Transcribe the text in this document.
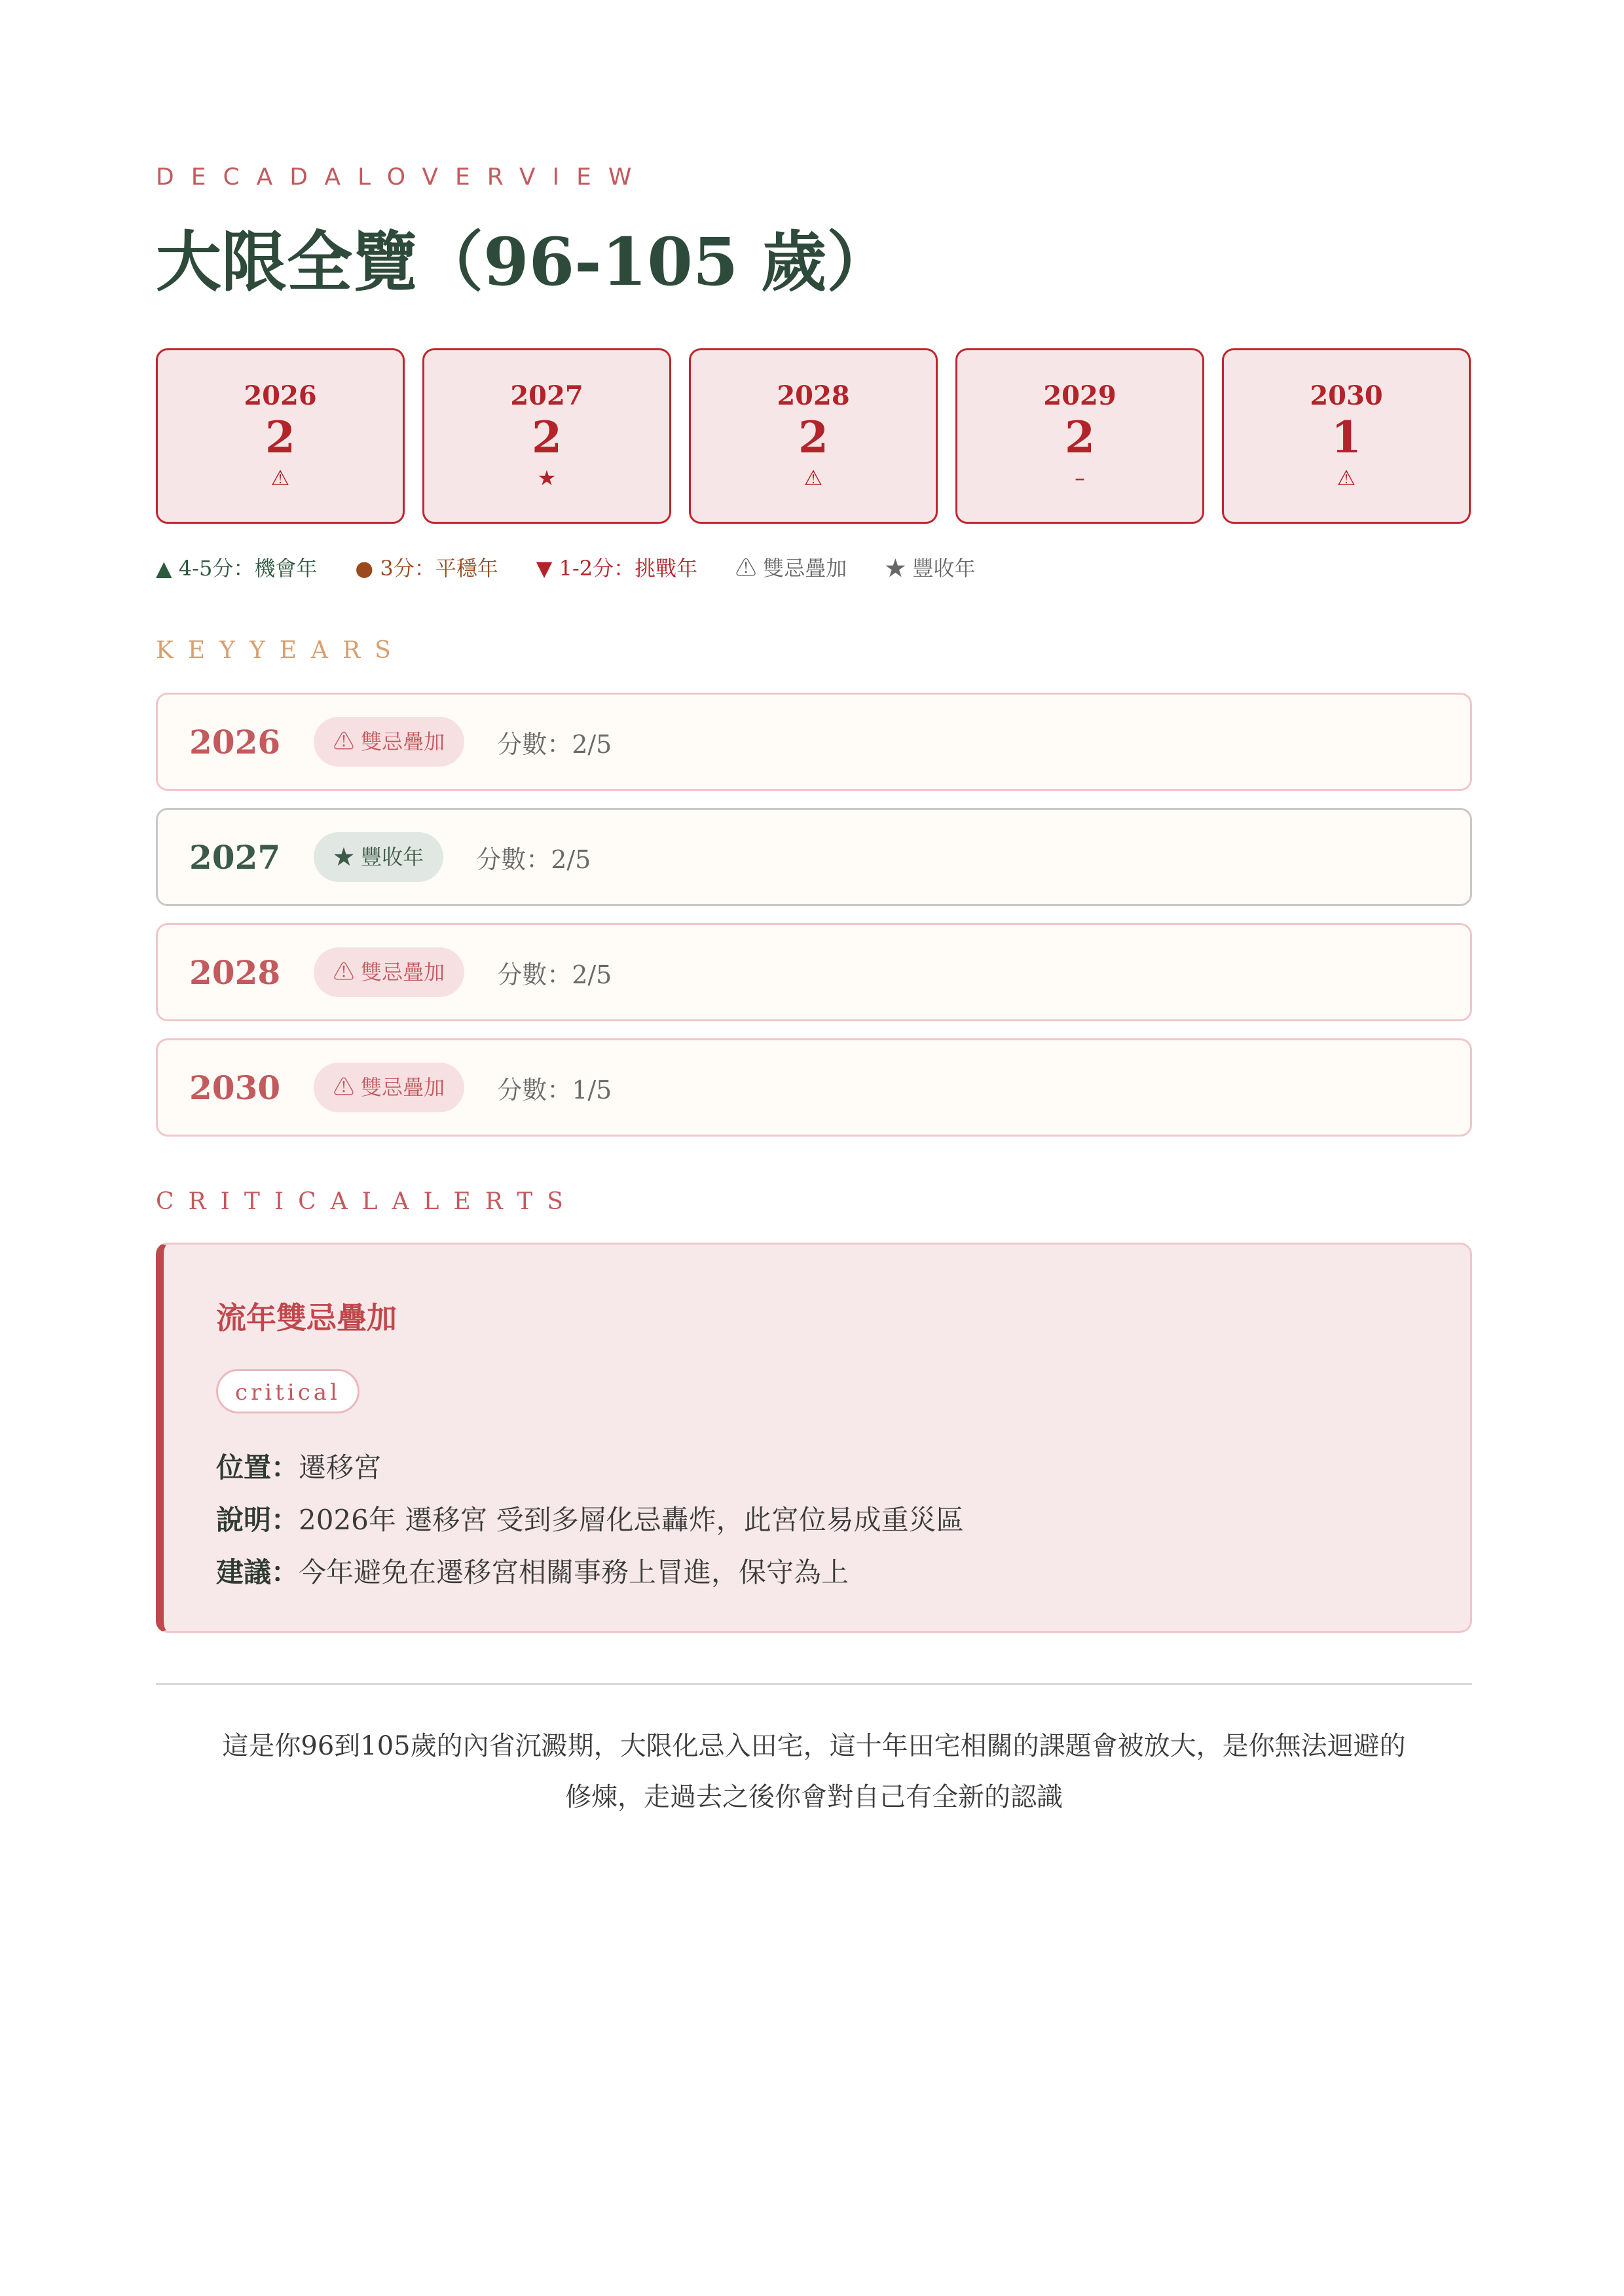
DECADALOVERVIEW
大限全覽（96-105 歲）
2026
2
⚠
2027
2
★
2028
2
⚠
2029
2
–
2030
1
⚠
▲ 4-5分：機會年 ● 3分：平穩年 ▼ 1-2分：挑戰年 ⚠ 雙忌疊加 ★ 豐收年
KEYYEARS
2026	⚠ 雙忌疊加	分數：2/5
2027	★ 豐收年	分數：2/5
2028	⚠ 雙忌疊加	分數：2/5
2030	⚠ 雙忌疊加	分數：1/5
CRITICALALERTS
流年雙忌疊加
critical
位置：遷移宮
說明：2026年 遷移宮 受到多層化忌轟炸，此宮位易成重災區
建議：今年避免在遷移宮相關事務上冒進，保守為上
這是你96到105歲的內省沉澱期，大限化忌入田宅，這十年田宅相關的課題會被放大，是你無法迴避的
修煉，走過去之後你會對自己有全新的認識
